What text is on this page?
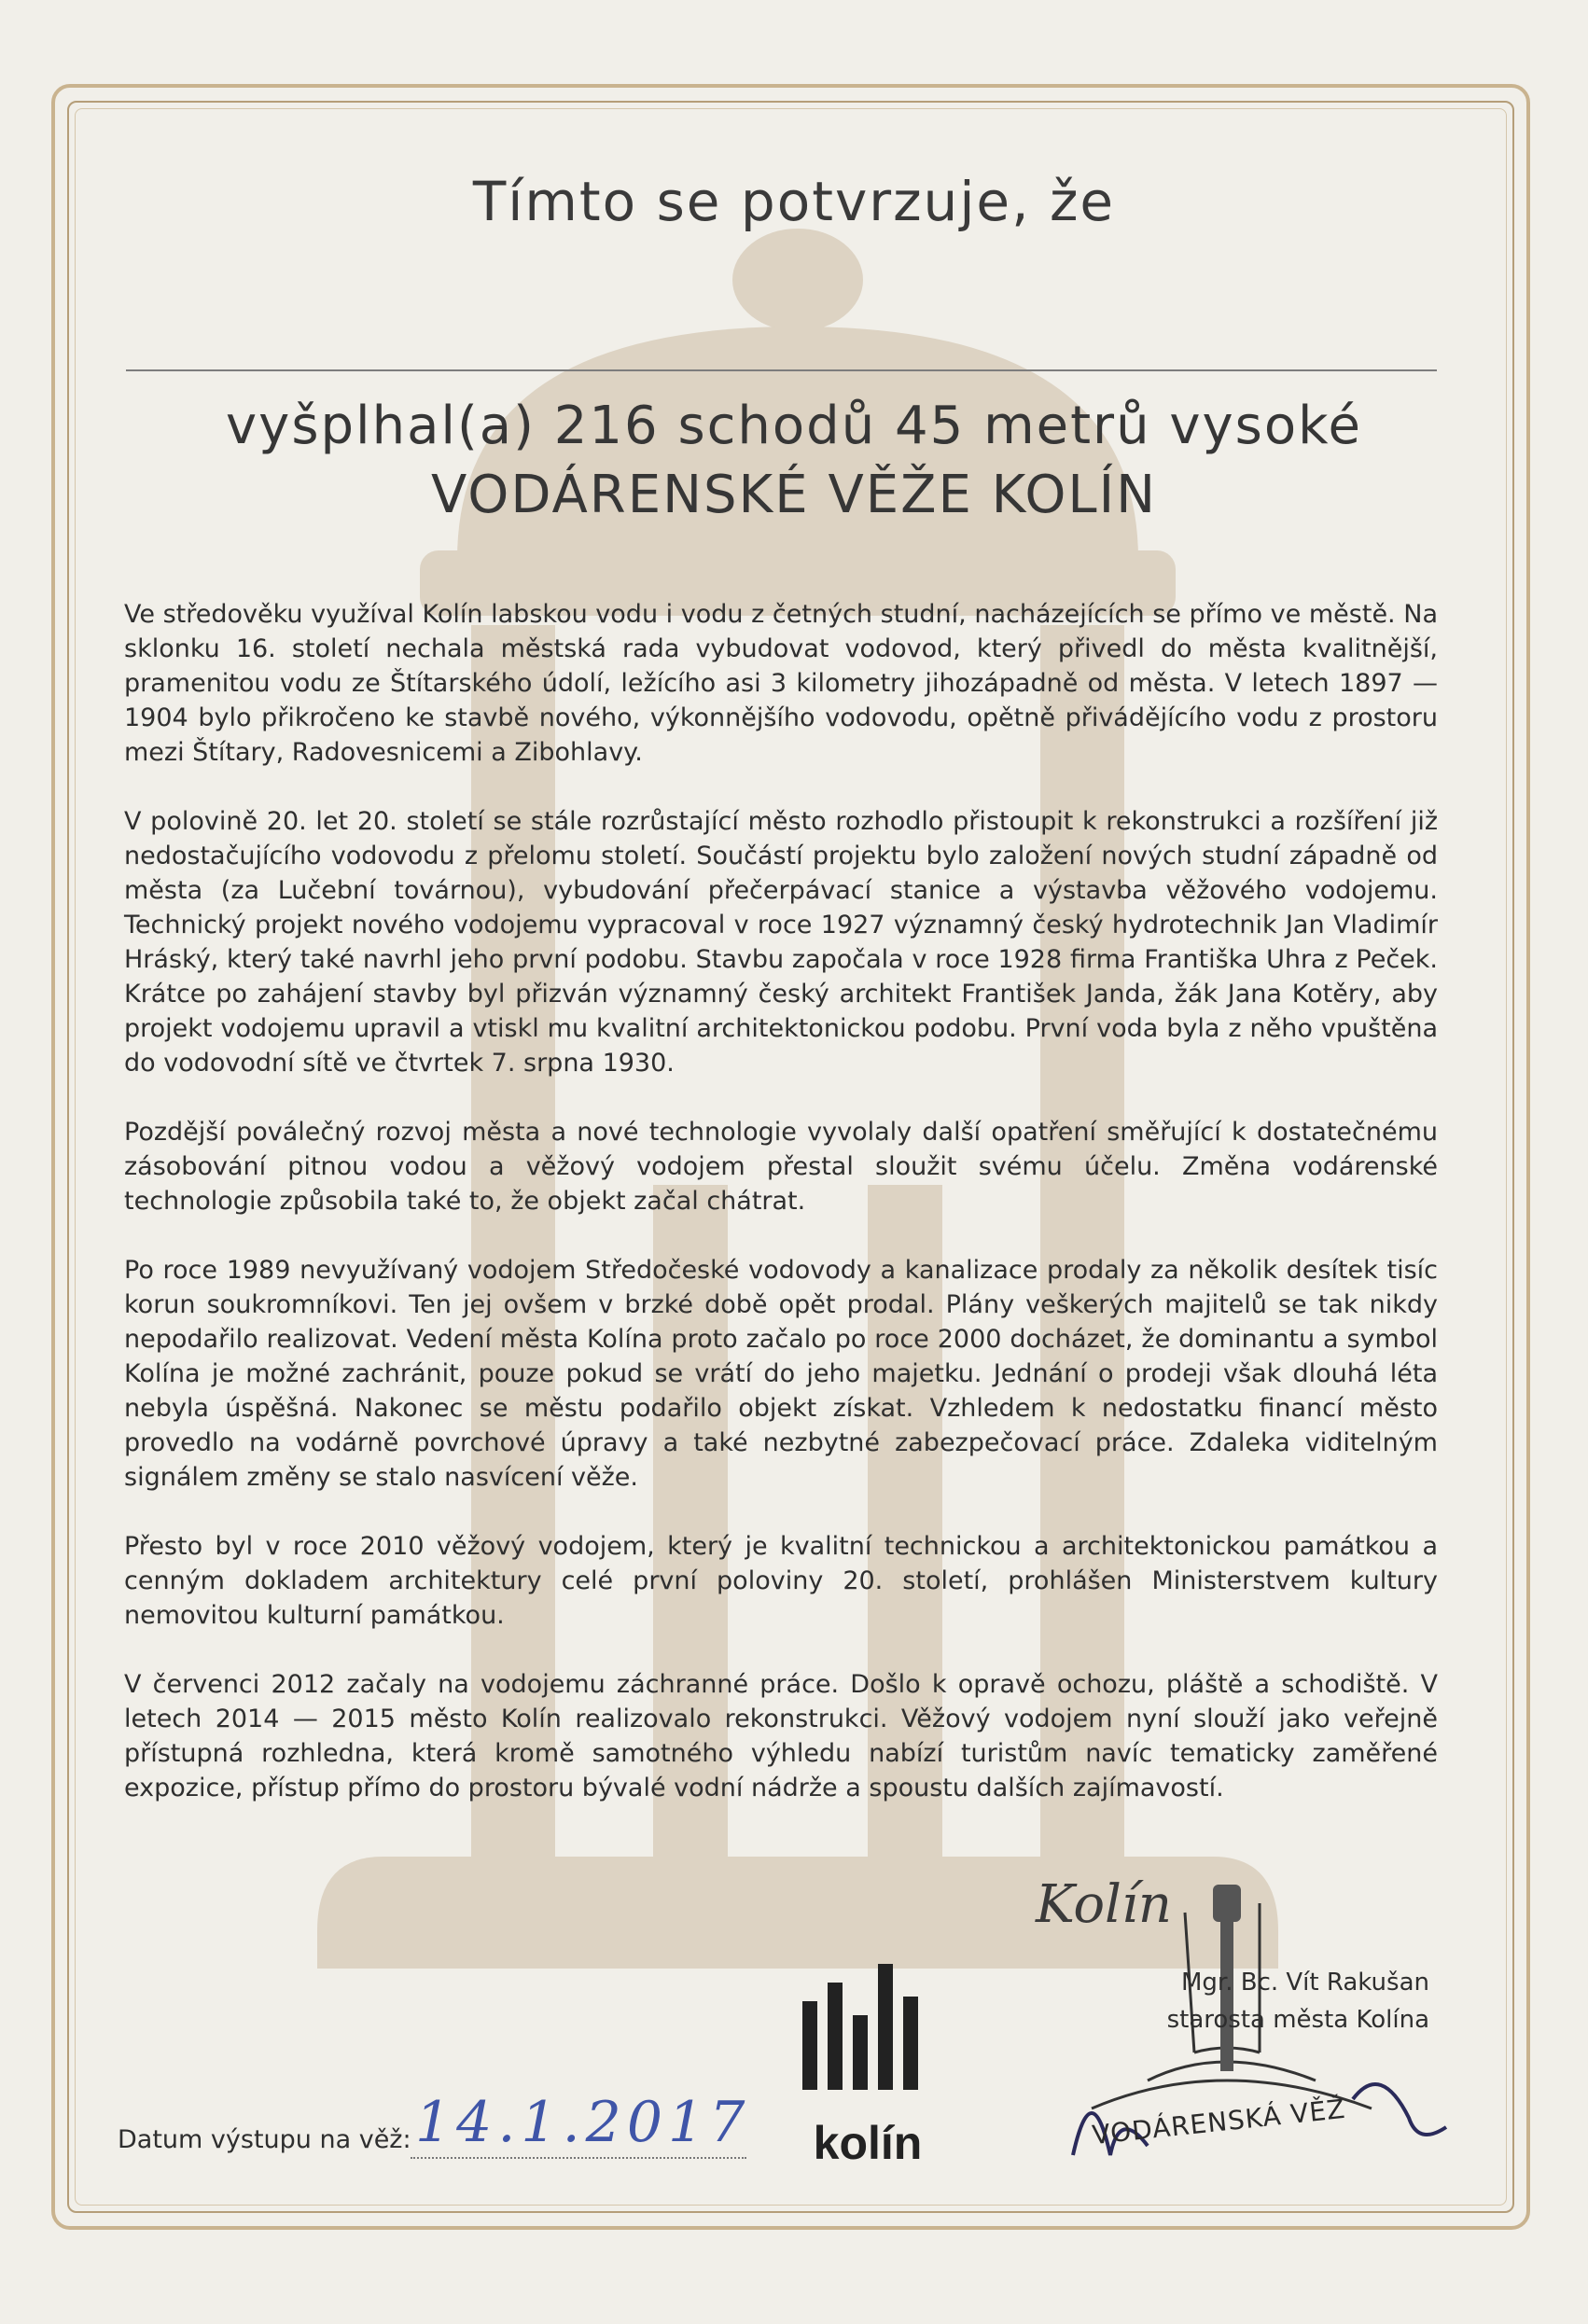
Tímto se potvrzuje, že
vyšplhal(a) 216 schodů 45 metrů vysoké
VODÁRENSKÉ VĚŽE KOLÍN

Ve středověku využíval Kolín labskou vodu i vodu z četných studní, nacházejících se přímo ve městě. Na sklonku 16. století nechala městská rada vybudovat vodovod, který přivedl do města kvalitnější, pramenitou vodu ze Štítarského údolí, ležícího asi 3 kilometry jihozápadně od města. V letech 1897 — 1904 bylo přikročeno ke stavbě nového, výkonnějšího vodovodu, opětně přivádějícího vodu z prostoru mezi Štítary, Radovesnicemi a Zibohlavy.

V polovině 20. let 20. století se stále rozrůstající město rozhodlo přistoupit k rekonstrukci a rozšíření již nedostačujícího vodovodu z přelomu století. Součástí projektu bylo založení nových studní západně od města (za Lučební továrnou), vybudování přečerpávací stanice a výstavba věžového vodojemu. Technický projekt nového vodojemu vypracoval v roce 1927 významný český hydrotechnik Jan Vladimír Hráský, který také navrhl jeho první podobu. Stavbu započala v roce 1928 firma Františka Uhra z Peček. Krátce po zahájení stavby byl přizván významný český architekt František Janda, žák Jana Kotěry, aby projekt vodojemu upravil a vtiskl mu kvalitní architektonickou podobu. První voda byla z něho vpuštěna do vodovodní sítě ve čtvrtek 7. srpna 1930.

Pozdější poválečný rozvoj města a nové technologie vyvolaly další opatření směřující k dostatečnému zásobování pitnou vodou a věžový vodojem přestal sloužit svému účelu. Změna vodárenské technologie způsobila také to, že objekt začal chátrat.

Po roce 1989 nevyužívaný vodojem Středočeské vodovody a kanalizace prodaly za několik desítek tisíc korun soukromníkovi. Ten jej ovšem v brzké době opět prodal. Plány veškerých majitelů se tak nikdy nepodařilo realizovat. Vedení města Kolína proto začalo po roce 2000 docházet, že dominantu a symbol Kolína je možné zachránit, pouze pokud se vrátí do jeho majetku. Jednání o prodeji však dlouhá léta nebyla úspěšná. Nakonec se městu podařilo objekt získat. Vzhledem k nedostatku financí město provedlo na vodárně povrchové úpravy a také nezbytné zabezpečovací práce. Zdaleka viditelným signálem změny se stalo nasvícení věže.

Přesto byl v roce 2010 věžový vodojem, který je kvalitní technickou a architektonickou památkou a cenným dokladem architektury celé první poloviny 20. století, prohlášen Ministerstvem kultury nemovitou kulturní památkou.

V červenci 2012 začaly na vodojemu záchranné práce. Došlo k opravě ochozu, pláště a schodiště. V letech 2014 — 2015 město Kolín realizovalo rekonstrukci. Věžový vodojem nyní slouží jako veřejně přístupná rozhledna, která kromě samotného výhledu nabízí turistům navíc tematicky zaměřené expozice, přístup přímo do prostoru bývalé vodní nádrže a spoustu dalších zajímavostí.

kolín
Kolín
Mgr. Bc. Vít Rakušan
starosta města Kolína
VODÁRENSKÁ VĚŽ
Datum výstupu na věž: 14.1.2017
